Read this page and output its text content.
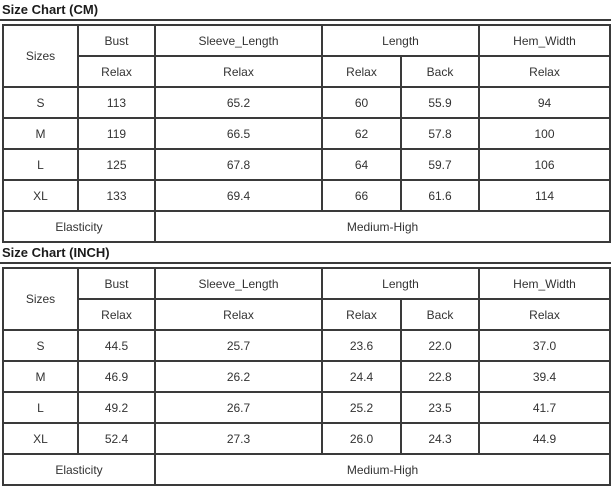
Size Chart (CM)
Sizes	Bust	Sleeve_Length	Length		Hem_Width
	Relax	Relax	Relax	Back	Relax
S	113	65.2	60	55.9	94
M	119	66.5	62	57.8	100
L	125	67.8	64	59.7	106
XL	133	69.4	66	61.6	114
Elasticity		Medium-High			
Size Chart (INCH)
Sizes	Bust	Sleeve_Length	Length		Hem_Width
	Relax	Relax	Relax	Back	Relax
S	44.5	25.7	23.6	22.0	37.0
M	46.9	26.2	24.4	22.8	39.4
L	49.2	26.7	25.2	23.5	41.7
XL	52.4	27.3	26.0	24.3	44.9
Elasticity		Medium-High			
